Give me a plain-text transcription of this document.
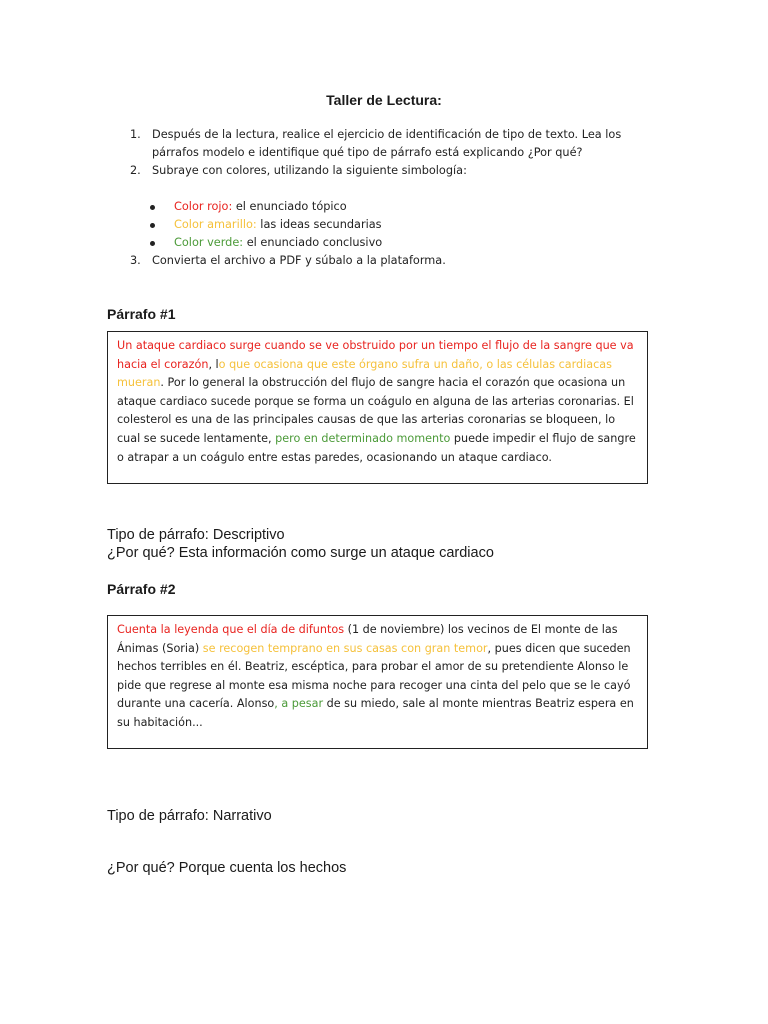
Taller de Lectura:
1. Después de la lectura, realice el ejercicio de identificación de tipo de texto. Lea los
párrafos modelo e identifique qué tipo de párrafo está explicando ¿Por qué?
2. Subraye con colores, utilizando la siguiente simbología:
Color rojo: el enunciado tópico
Color amarillo: las ideas secundarias
Color verde: el enunciado conclusivo
3. Convierta el archivo a PDF y súbalo a la plataforma.
Párrafo #1
Un ataque cardiaco surge cuando se ve obstruido por un tiempo el flujo de la sangre que va hacia el corazón, lo que ocasiona que este órgano sufra un daño, o las células cardiacas mueran. Por lo general la obstrucción del flujo de sangre hacia el corazón que ocasiona un ataque cardiaco sucede porque se forma un coágulo en alguna de las arterias coronarias. El colesterol es una de las principales causas de que las arterias coronarias se bloqueen, lo cual se sucede lentamente, pero en determinado momento puede impedir el flujo de sangre o atrapar a un coágulo entre estas paredes, ocasionando un ataque cardiaco.
Tipo de párrafo: Descriptivo
¿Por qué? Esta información como surge un ataque cardiaco
Párrafo #2
Cuenta la leyenda que el día de difuntos (1 de noviembre) los vecinos de El monte de las Ánimas (Soria) se recogen temprano en sus casas con gran temor, pues dicen que suceden hechos terribles en él. Beatriz, escéptica, para probar el amor de su pretendiente Alonso le pide que regrese al monte esa misma noche para recoger una cinta del pelo que se le cayó durante una cacería. Alonso, a pesar de su miedo, sale al monte mientras Beatriz espera en su habitación...
Tipo de párrafo: Narrativo
¿Por qué? Porque cuenta los hechos
